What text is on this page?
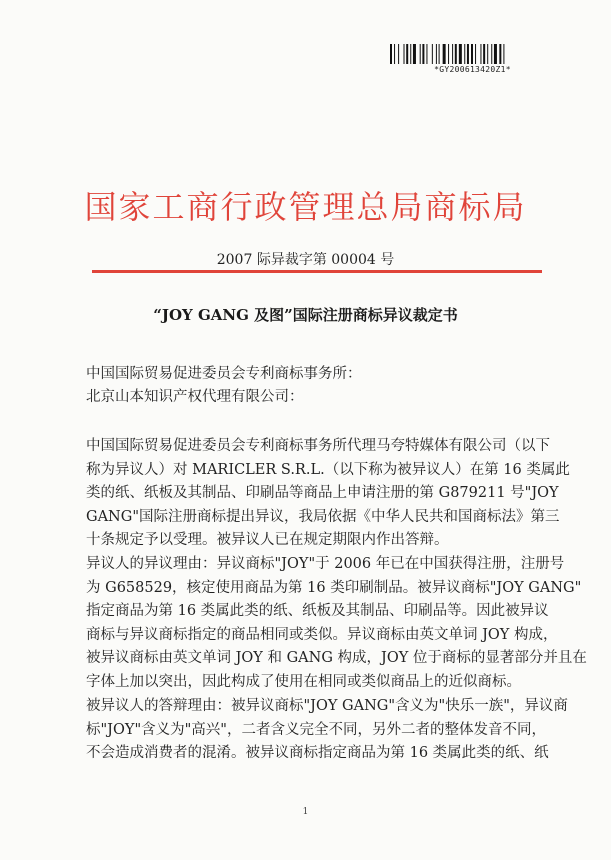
*GY200613420Z1*
国家工商行政管理总局商标局
2007 际异裁字第 00004 号
“JOY GANG 及图”国际注册商标异议裁定书
中国国际贸易促进委员会专利商标事务所：
北京山本知识产权代理有限公司：
中国国际贸易促进委员会专利商标事务所代理马夸特媒体有限公司（以下
称为异议人）对 MARICLER S.R.L.（以下称为被异议人）在第 16 类属此
类的纸、纸板及其制品、印刷品等商品上申请注册的第 G879211 号"JOY
GANG"国际注册商标提出异议，我局依据《中华人民共和国商标法》第三
十条规定予以受理。被异议人已在规定期限内作出答辩。
异议人的异议理由：异议商标"JOY"于 2006 年已在中国获得注册，注册号
为 G658529，核定使用商品为第 16 类印刷制品。被异议商标"JOY GANG"
指定商品为第 16 类属此类的纸、纸板及其制品、印刷品等。因此被异议
商标与异议商标指定的商品相同或类似。异议商标由英文单词 JOY 构成，
被异议商标由英文单词 JOY 和 GANG 构成，JOY 位于商标的显著部分并且在
字体上加以突出，因此构成了使用在相同或类似商品上的近似商标。
被异议人的答辩理由：被异议商标"JOY GANG"含义为"快乐一族"，异议商
标"JOY"含义为"高兴"，二者含义完全不同，另外二者的整体发音不同，
不会造成消费者的混淆。被异议商标指定商品为第 16 类属此类的纸、纸
1
